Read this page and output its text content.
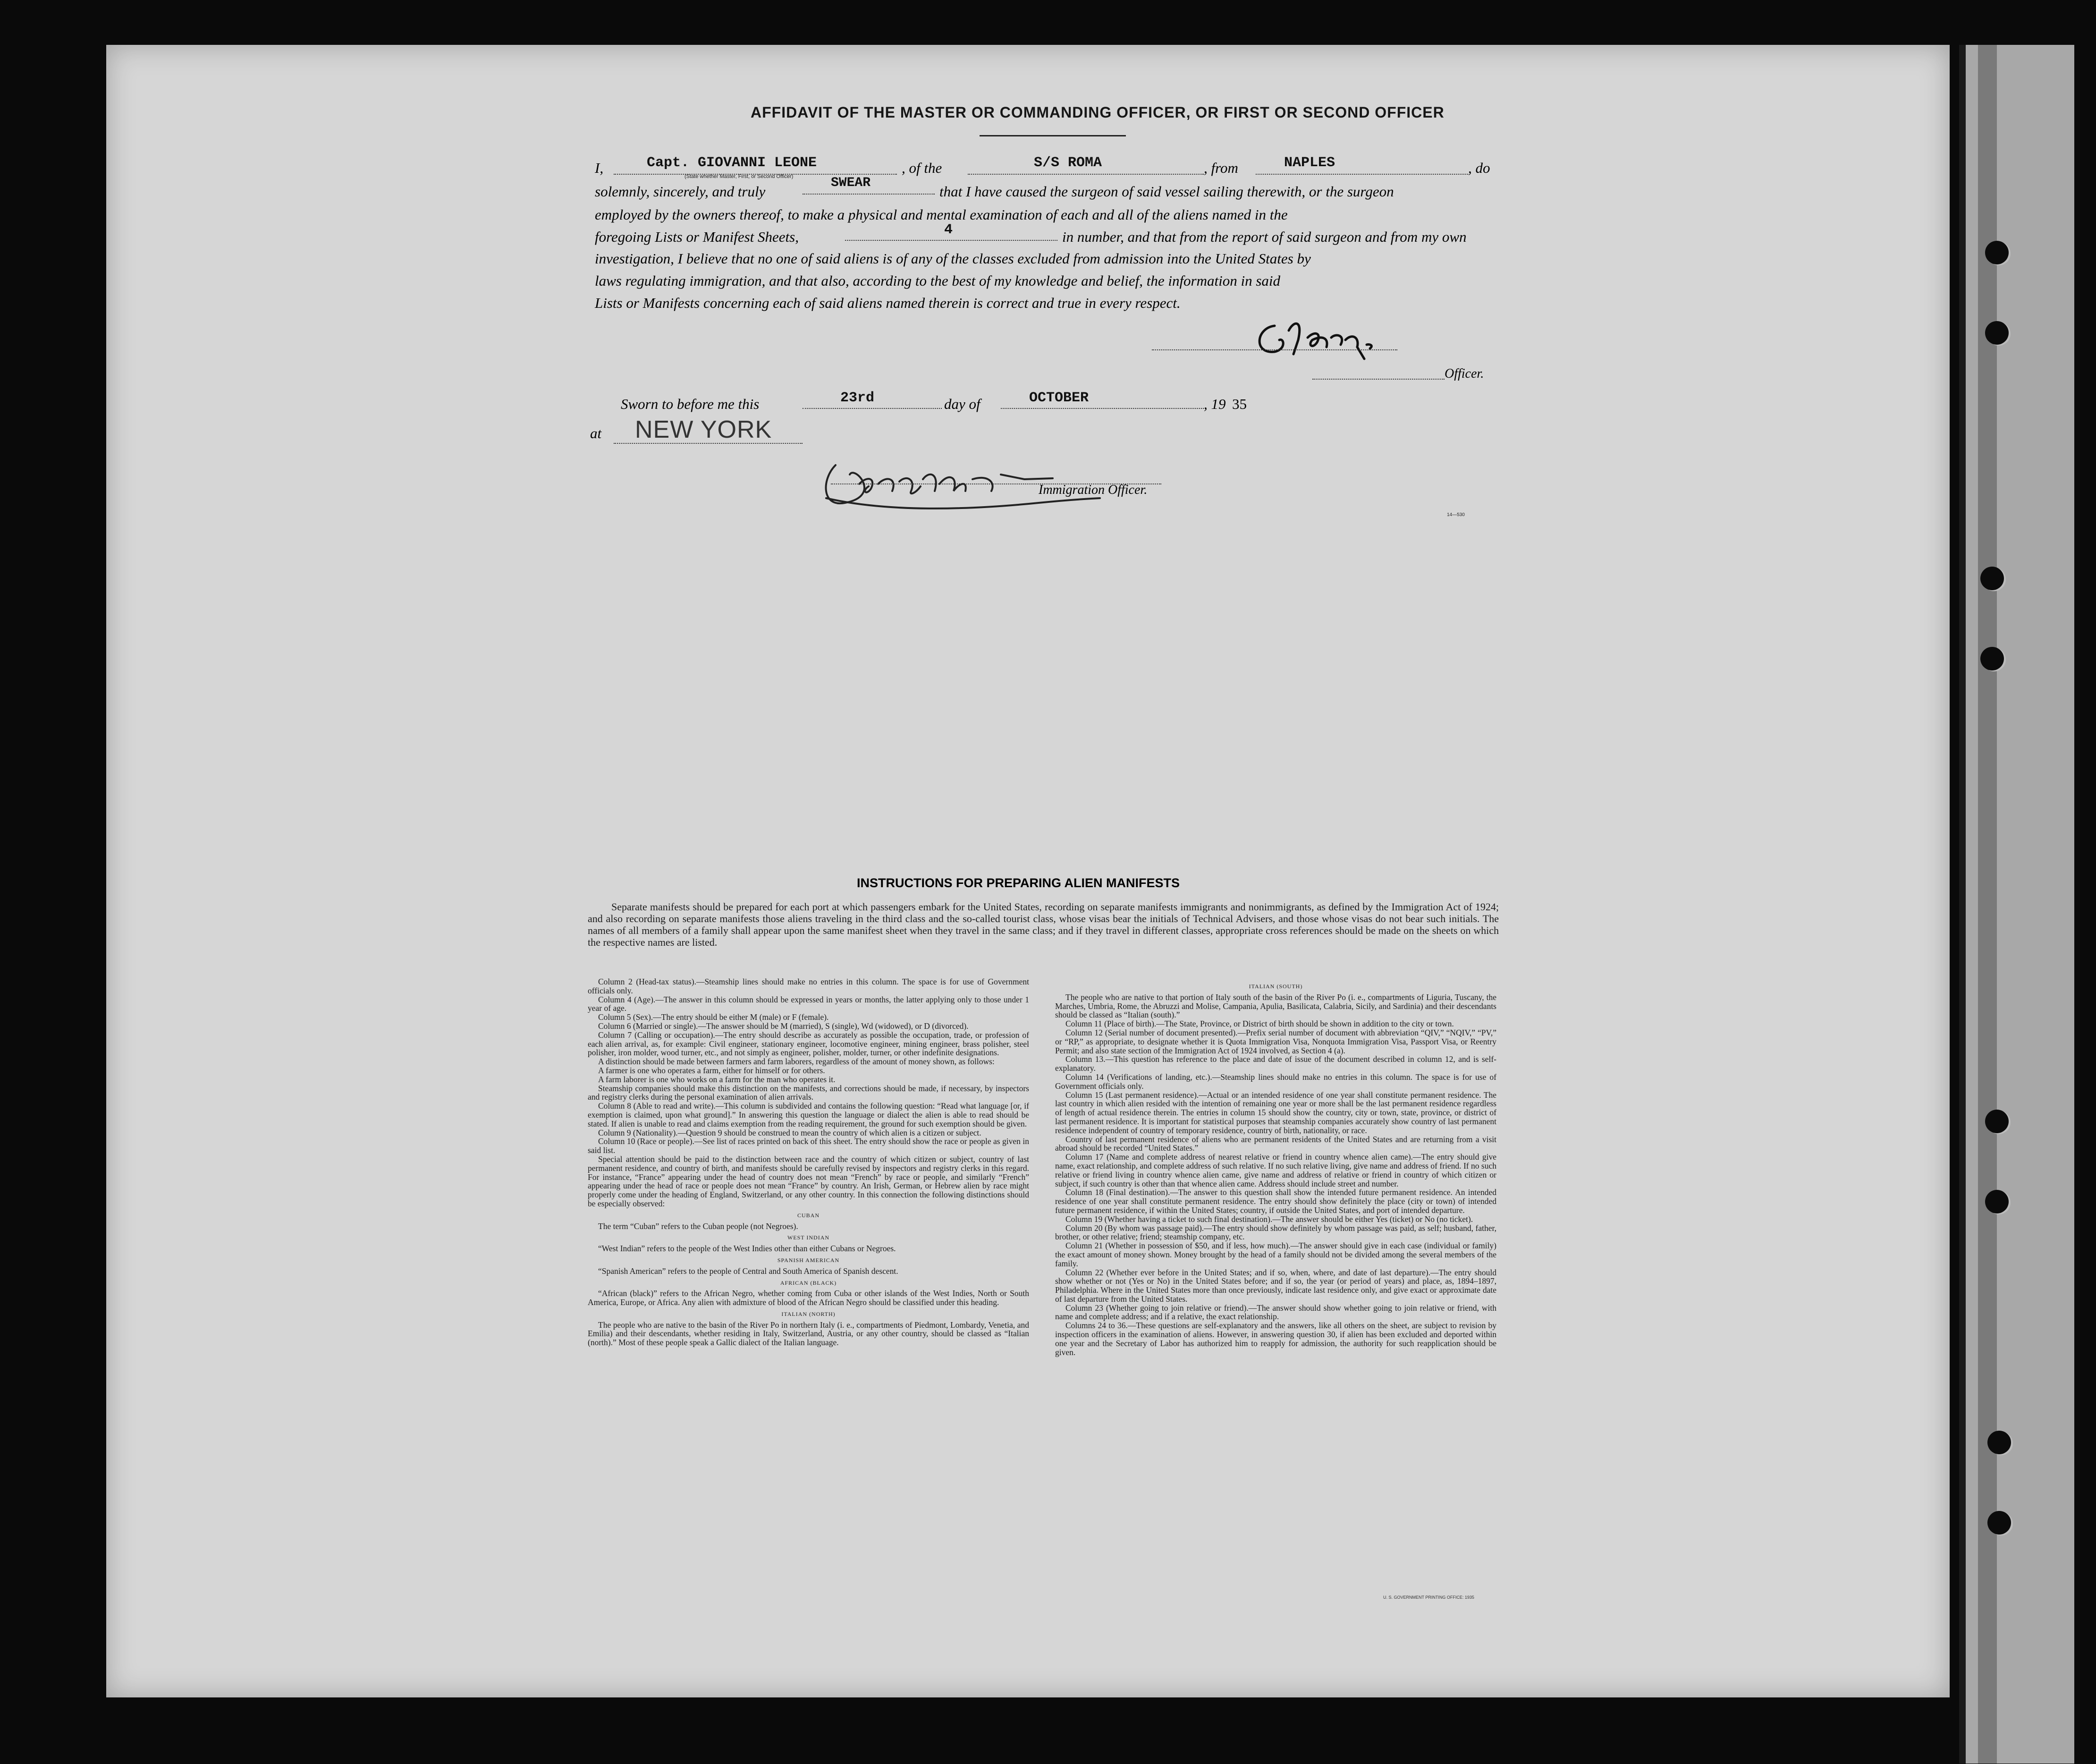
AFFIDAVIT OF THE MASTER OR COMMANDING OFFICER, OR FIRST OR SECOND OFFICER
I,	Capt. GIOVANNI LEONE
(State whether Master, First, or Second Officer)
, of the	S/S ROMA	, from	NAPLES	, do
solemnly, sincerely, and truly
SWEAR
that I have caused the surgeon of said vessel sailing therewith, or the surgeon
employed by the owners thereof, to make a physical and mental examination of each and all of the aliens named in the
foregoing Lists or Manifest Sheets,	4	in number, and that from the report of said surgeon and from my own
investigation, I believe that no one of said aliens is of any of the classes excluded from admission into the United States by
laws regulating immigration, and that also, according to the best of my knowledge and belief, the information in said
Lists or Manifests concerning each of said aliens named therein is correct and true in every respect.
Officer.
Sworn to before me this	23rd	day of	OCTOBER	, 19 35
at NEW YORK
Immigration Officer.
14—530
INSTRUCTIONS FOR PREPARING ALIEN MANIFESTS
Separate manifests should be prepared for each port at which passengers embark for the United States, recording on separate manifests immigrants and nonimmigrants, as defined by the Immigration Act of 1924; and also recording on separate manifests those aliens traveling in the third class and the so-called tourist class, whose visas bear the initials of Technical Advisers, and those whose visas do not bear such initials. The names of all members of a family shall appear upon the same manifest sheet when they travel in the same class; and if they travel in different classes, appropriate cross references should be made on the sheets on which the respective names are listed.

Column 2 (Head-tax status).—Steamship lines should make no entries in this column. The space is for use of Government officials only.

Column 4 (Age).—The answer in this column should be expressed in years or months, the latter applying only to those under 1 year of age.

Column 5 (Sex).—The entry should be either M (male) or F (female).

Column 6 (Married or single).—The answer should be M (married), S (single), Wd (widowed), or D (divorced).

Column 7 (Calling or occupation).—The entry should describe as accurately as possible the occupation, trade, or profession of each alien arrival, as, for example: Civil engineer, stationary engineer, locomotive engineer, mining engineer, brass polisher, steel polisher, iron molder, wood turner, etc., and not simply as engineer, polisher, molder, turner, or other indefinite designations.

A distinction should be made between farmers and farm laborers, regardless of the amount of money shown, as follows:

A farmer is one who operates a farm, either for himself or for others.

A farm laborer is one who works on a farm for the man who operates it.

Steamship companies should make this distinction on the manifests, and corrections should be made, if necessary, by inspectors and registry clerks during the personal examination of alien arrivals.

Column 8 (Able to read and write).—This column is subdivided and contains the following question: “Read what language [or, if exemption is claimed, upon what ground].” In answering this question the language or dialect the alien is able to read should be stated. If alien is unable to read and claims exemption from the reading requirement, the ground for such exemption should be given.

Column 9 (Nationality).—Question 9 should be construed to mean the country of which alien is a citizen or subject.

Column 10 (Race or people).—See list of races printed on back of this sheet. The entry should show the race or people as given in said list.

Special attention should be paid to the distinction between race and the country of which citizen or subject, country of last permanent residence, and country of birth, and manifests should be carefully revised by inspectors and registry clerks in this regard. For instance, “France” appearing under the head of country does not mean “French” by race or people, and similarly “French” appearing under the head of race or people does not mean “France” by country. An Irish, German, or Hebrew alien by race might properly come under the heading of England, Switzerland, or any other country. In this connection the following distinctions should be especially observed:

CUBAN

The term “Cuban” refers to the Cuban people (not Negroes).

WEST INDIAN

“West Indian” refers to the people of the West Indies other than either Cubans or Negroes.

SPANISH AMERICAN

“Spanish American” refers to the people of Central and South America of Spanish descent.

AFRICAN (BLACK)

“African (black)” refers to the African Negro, whether coming from Cuba or other islands of the West Indies, North or South America, Europe, or Africa. Any alien with admixture of blood of the African Negro should be classified under this heading.

ITALIAN (NORTH)

The people who are native to the basin of the River Po in northern Italy (i. e., compartments of Piedmont, Lombardy, Venetia, and Emilia) and their descendants, whether residing in Italy, Switzerland, Austria, or any other country, should be classed as “Italian (north).” Most of these people speak a Gallic dialect of the Italian language.

ITALIAN (SOUTH)

The people who are native to that portion of Italy south of the basin of the River Po (i. e., compartments of Liguria, Tuscany, the Marches, Umbria, Rome, the Abruzzi and Molise, Campania, Apulia, Basilicata, Calabria, Sicily, and Sardinia) and their descendants should be classed as “Italian (south).”

Column 11 (Place of birth).—The State, Province, or District of birth should be shown in addition to the city or town.

Column 12 (Serial number of document presented).—Prefix serial number of document with abbreviation “QIV,” “NQIV,” “PV,” or “RP,” as appropriate, to designate whether it is Quota Immigration Visa, Nonquota Immigration Visa, Passport Visa, or Reentry Permit; and also state section of the Immigration Act of 1924 involved, as Section 4 (a).

Column 13.—This question has reference to the place and date of issue of the document described in column 12, and is self-explanatory.

Column 14 (Verifications of landing, etc.).—Steamship lines should make no entries in this column. The space is for use of Government officials only.

Column 15 (Last permanent residence).—Actual or an intended residence of one year shall constitute permanent residence. The last country in which alien resided with the intention of remaining one year or more shall be the last permanent residence regardless of length of actual residence therein. The entries in column 15 should show the country, city or town, state, province, or district of last permanent residence. It is important for statistical purposes that steamship companies accurately show country of last permanent residence independent of country of temporary residence, country of birth, nationality, or race.

Country of last permanent residence of aliens who are permanent residents of the United States and are returning from a visit abroad should be recorded “United States.”

Column 17 (Name and complete address of nearest relative or friend in country whence alien came).—The entry should give name, exact relationship, and complete address of such relative. If no such relative living, give name and address of friend. If no such relative or friend living in country whence alien came, give name and address of relative or friend in country of which citizen or subject, if such country is other than that whence alien came. Address should include street and number.

Column 18 (Final destination).—The answer to this question shall show the intended future permanent residence. An intended residence of one year shall constitute permanent residence. The entry should show definitely the place (city or town) of intended future permanent residence, if within the United States; country, if outside the United States, and port of intended departure.

Column 19 (Whether having a ticket to such final destination).—The answer should be either Yes (ticket) or No (no ticket).

Column 20 (By whom was passage paid).—The entry should show definitely by whom passage was paid, as self; husband, father, brother, or other relative; friend; steamship company, etc.

Column 21 (Whether in possession of $50, and if less, how much).—The answer should give in each case (individual or family) the exact amount of money shown. Money brought by the head of a family should not be divided among the several members of the family.

Column 22 (Whether ever before in the United States; and if so, when, where, and date of last departure).—The entry should show whether or not (Yes or No) in the United States before; and if so, the year (or period of years) and place, as, 1894–1897, Philadelphia. Where in the United States more than once previously, indicate last residence only, and give exact or approximate date of last departure from the United States.

Column 23 (Whether going to join relative or friend).—The answer should show whether going to join relative or friend, with name and complete address; and if a relative, the exact relationship.

Columns 24 to 36.—These questions are self-explanatory and the answers, like all others on the sheet, are subject to revision by inspection officers in the examination of aliens. However, in answering question 30, if alien has been excluded and deported within one year and the Secretary of Labor has authorized him to reapply for admission, the authority for such reapplication should be given.

U. S. GOVERNMENT PRINTING OFFICE: 1935
